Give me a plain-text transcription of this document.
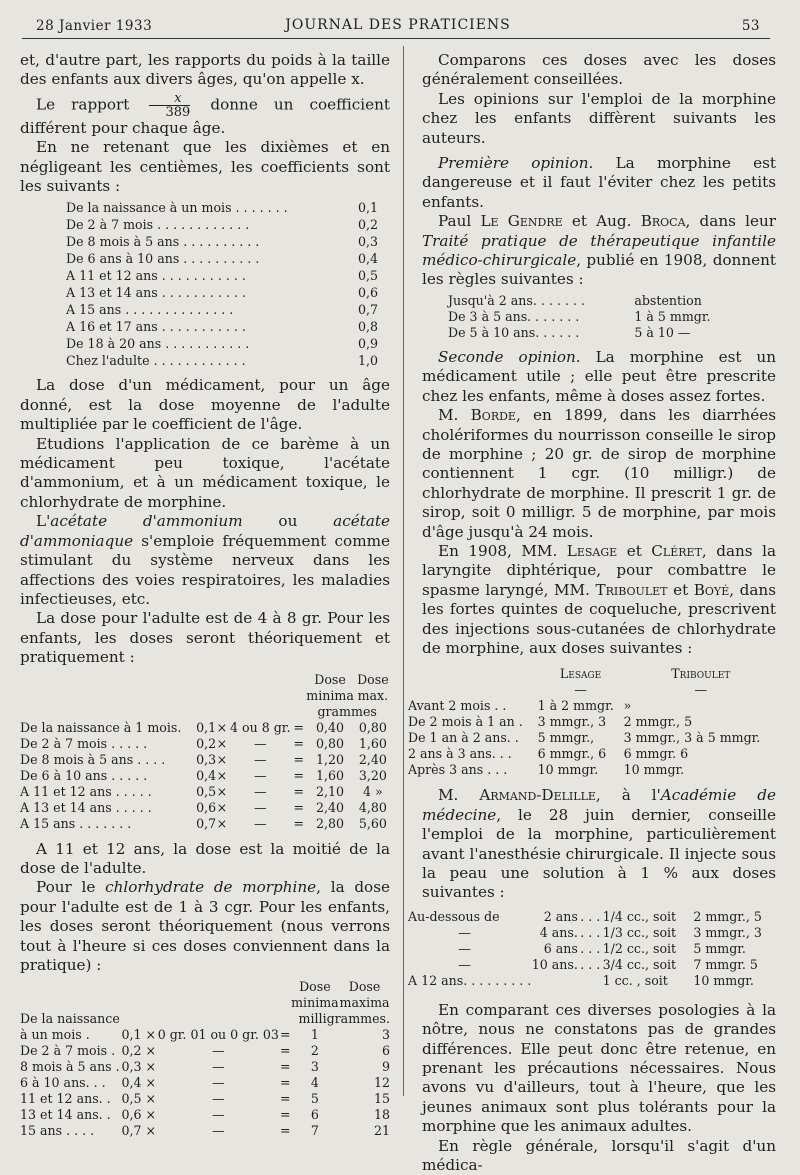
28 Janvier 1933	JOURNAL DES PRATICIENS	53

et, d'autre part, les rapports du poids à la taille des enfants aux divers âges, qu'on appelle x.

Le rapport $\frac{x}{389}$ donne un coefficient différent pour chaque âge.

En ne retenant que les dixièmes et en négligeant les centièmes, les coefficients sont les suivants :

De la naissance à un mois . . . . . . .	0,1
De 2 à 7 mois . . . . . . . . . . . .	0,2
De 8 mois à 5 ans . . . . . . . . . .	0,3
De 6 ans à 10 ans . . . . . . . . . .	0,4
A 11 et 12 ans . . . . . . . . . . .	0,5
A 13 et 14 ans . . . . . . . . . . .	0,6
A 15 ans . . . . . . . . . . . . . .	0,7
A 16 et 17 ans . . . . . . . . . . .	0,8
De 18 à 20 ans . . . . . . . . . . .	0,9
Chez l'adulte . . . . . . . . . . . .	1,0

La dose d'un médicament, pour un âge donné, est la dose moyenne de l'adulte multipliée par le coefficient de l'âge.

Etudions l'application de ce barème à un médicament peu toxique, l'acétate d'ammonium, et à un médicament toxique, le chlorhydrate de morphine.

L'acétate d'ammonium ou acétate d'ammoniaque s'emploie fréquemment comme stimulant du système nerveux dans les affections des voies respiratoires, les maladies infectieuses, etc.

La dose pour l'adulte est de 4 à 8 gr. Pour les enfants, les doses seront théoriquement et pratiquement :

					Dose	Dose
					minima	max.
					grammes	
De la naissance à 1 mois.	0,1	×	4 ou 8 gr.	=	0,40	0,80
De 2 à 7 mois . . . . .	0,2	×	—	=	0,80	1,60
De 8 mois à 5 ans . . . .	0,3	×	—	=	1,20	2,40
De 6 à 10 ans . . . . .	0,4	×	—	=	1,60	3,20
A 11 et 12 ans . . . . .	0,5	×	—	=	2,10	4 »
A 13 et 14 ans . . . . .	0,6	×	—	=	2,40	4,80
A 15 ans . . . . . . .	0,7	×	—	=	2,80	5,60

A 11 et 12 ans, la dose est la moitié de la dose de l'adulte.

Pour le chlorhydrate de morphine, la dose pour l'adulte est de 1 à 3 cgr. Pour les enfants, les doses seront théoriquement (nous verrons tout à l'heure si ces doses conviennent dans la pratique) :

				Dose	Dose
				minima	maxima
De la naissance				milligrammes.	
à un mois .	0,1 ×	0 gr. 01 ou 0 gr. 03	=	1	3
De 2 à 7 mois .	0,2 ×	—	=	2	6
8 mois à 5 ans .	0,3 ×	—	=	3	9
6 à 10 ans. . .	0,4 ×	—	=	4	12
11 et 12 ans. .	0,5 ×	—	=	5	15
13 et 14 ans. .	0,6 ×	—	=	6	18
15 ans . . . .	0,7 ×	—	=	7	21

Comparons ces doses avec les doses généralement conseillées.

Les opinions sur l'emploi de la morphine chez les enfants diffèrent suivants les auteurs.

Première opinion. La morphine est dangereuse et il faut l'éviter chez les petits enfants.

Paul Le Gendre et Aug. Broca, dans leur Traité pratique de thérapeutique infantile médico-chirurgicale, publié en 1908, donnent les règles suivantes :

Jusqu'à 2 ans. . . . . . .	abstention
De 3 à 5 ans. . . . . . .	1 à 5 mmgr.
De 5 à 10 ans. . . . . .	5 à 10 —

Seconde opinion. La morphine est un médicament utile ; elle peut être prescrite chez les enfants, même à doses assez fortes.

M. Borde, en 1899, dans les diarrhées cholériformes du nourrisson conseille le sirop de morphine ; 20 gr. de sirop de morphine contiennent 1 cgr. (10 milligr.) de chlorhydrate de morphine. Il prescrit 1 gr. de sirop, soit 0 milligr. 5 de morphine, par mois d'âge jusqu'à 24 mois.

En 1908, MM. Lesage et Cléret, dans la laryngite diphtérique, pour combattre le spasme laryngé, MM. Triboulet et Boyé, dans les fortes quintes de coqueluche, prescrivent des injections sous-cutanées de chlorhydrate de morphine, aux doses suivantes :

	Lesage	Triboulet
	—	—
Avant 2 mois . .	1 à 2 mmgr.	»
De 2 mois à 1 an .	3 mmgr., 3	2 mmgr., 5
De 1 an à 2 ans. .	5 mmgr.,	3 mmgr., 3 à 5 mmgr.
2 ans à 3 ans. . .	6 mmgr., 6	6 mmgr. 6
Après 3 ans . . .	10 mmgr.	10 mmgr.

M. Armand-Delille, à l'Académie de médecine, le 28 juin dernier, conseille l'emploi de la morphine, particulièrement avant l'anesthésie chirurgicale. Il injecte sous la peau une solution à 1 % aux doses suivantes :

Au-dessous de	2 ans	. . .	1/4 cc., soit	2 mmgr., 5
—	4 ans.	. . .	1/3 cc., soit	3 mmgr., 3
—	6 ans	. . .	1/2 cc., soit	5 mmgr.
—	10 ans.	. . .	3/4 cc., soit	7 mmgr. 5
A 12 ans. . . . . . . . .			1 cc. , soit	10 mmgr.

En comparant ces diverses posologies à la nôtre, nous ne constatons pas de grandes différences. Elle peut donc être retenue, en prenant les précautions nécessaires. Nous avons vu d'ailleurs, tout à l'heure, que les jeunes animaux sont plus tolérants pour la morphine que les animaux adultes.

En règle générale, lorsqu'il s'agit d'un médica-
